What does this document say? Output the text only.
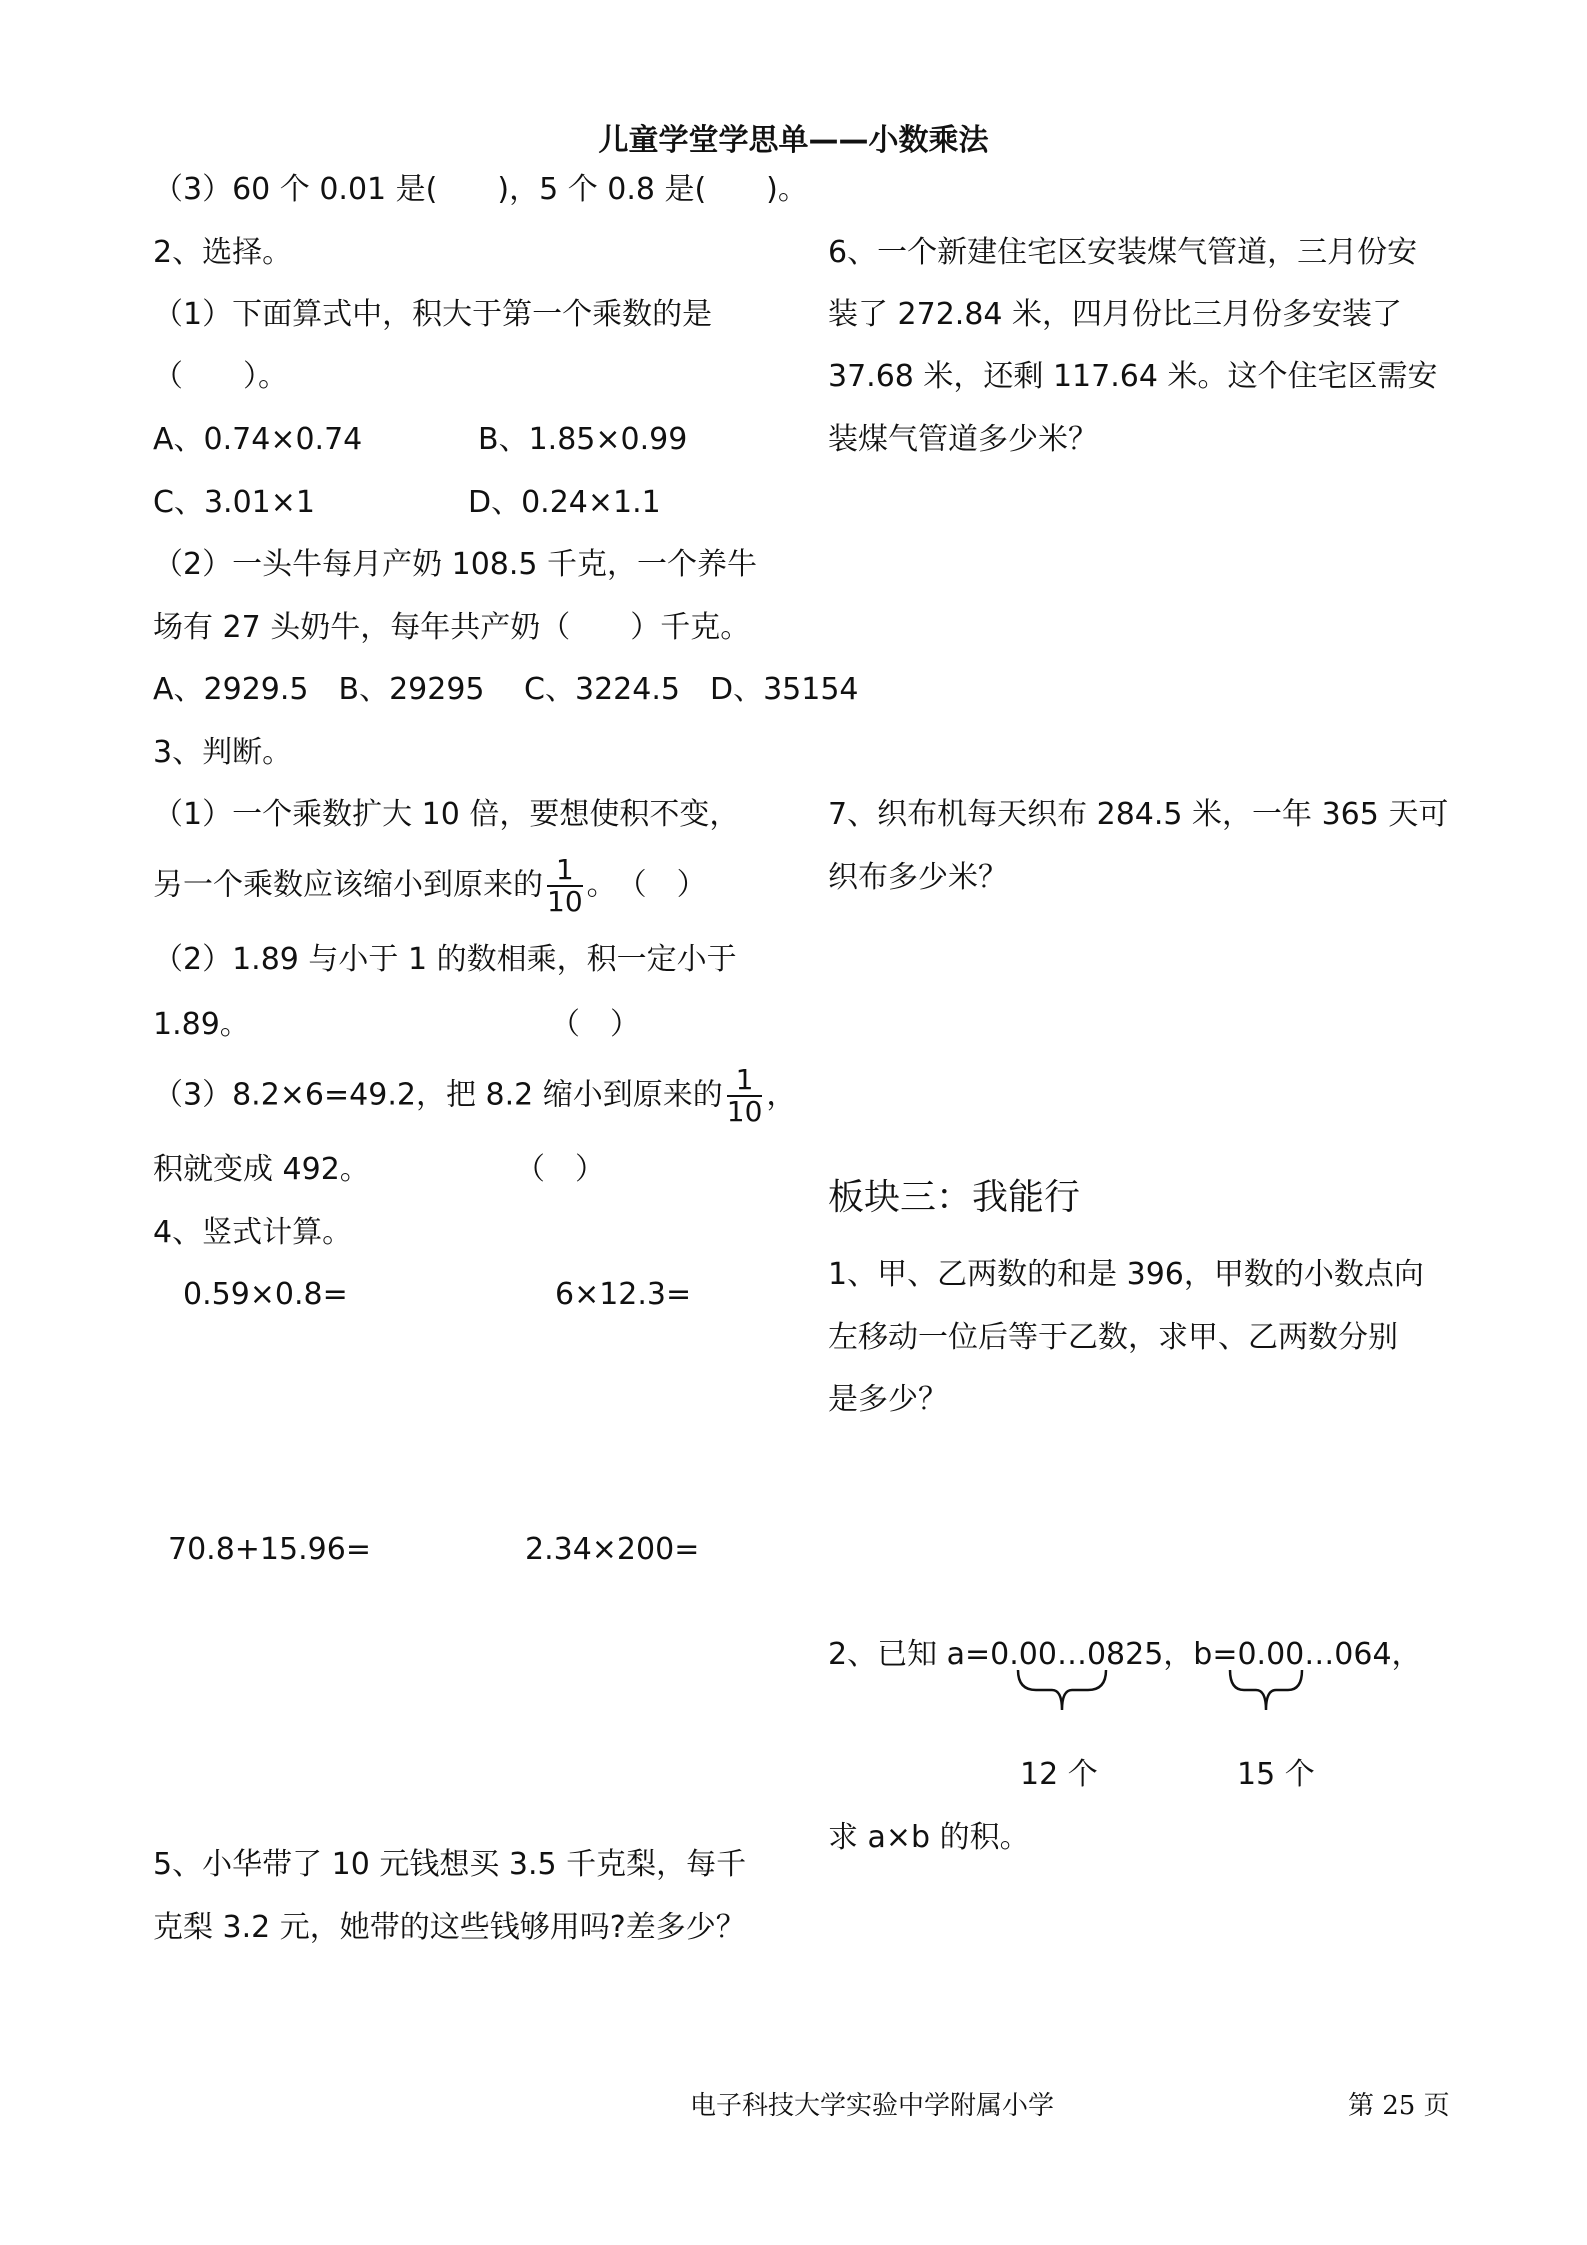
儿童学堂学思单——小数乘法
（3）60 个 0.01 是(　　)，5 个 0.8 是(　　)。
2、选择。
（1）下面算式中，积大于第一个乘数的是
（　　）。
A、0.74×0.74	B、1.85×0.99
C、3.01×1	D、0.24×1.1
（2）一头牛每月产奶 108.5 千克，一个养牛
场有 27 头奶牛，每年共产奶（　　）千克。
A、2929.5　B、29295　 C、3224.5　D、35154
3、判断。
（1）一个乘数扩大 10 倍，要想使积不变，
另一个乘数应该缩小到原来的 $\frac{1}{10}$ 。　（　）
（2）1.89 与小于 1 的数相乘，积一定小于
1.89。	（　）
（3）8.2×6=49.2，把 8.2 缩小到原来的 $\frac{1}{10}$ ，
积就变成 492。	（　）
4、竖式计算。
0.59×0.8=	6×12.3=
70.8+15.96=	2.34×200=
5、小华带了 10 元钱想买 3.5 千克梨，每千
克梨 3.2 元，她带的这些钱够用吗?差多少？
6、一个新建住宅区安装煤气管道，三月份安
装了 272.84 米，四月份比三月份多安装了
37.68 米，还剩 117.64 米。这个住宅区需安
装煤气管道多少米？
7、织布机每天织布 284.5 米，一年 365 天可
织布多少米？
板块三：我能行
1、甲、乙两数的和是 396，甲数的小数点向
左移动一位后等于乙数，求甲、乙两数分别
是多少？
2、已知 a=0.00…0825，b=0.00…064，
12 个	15 个
求 a×b 的积。
电子科技大学实验中学附属小学	第 25 页
